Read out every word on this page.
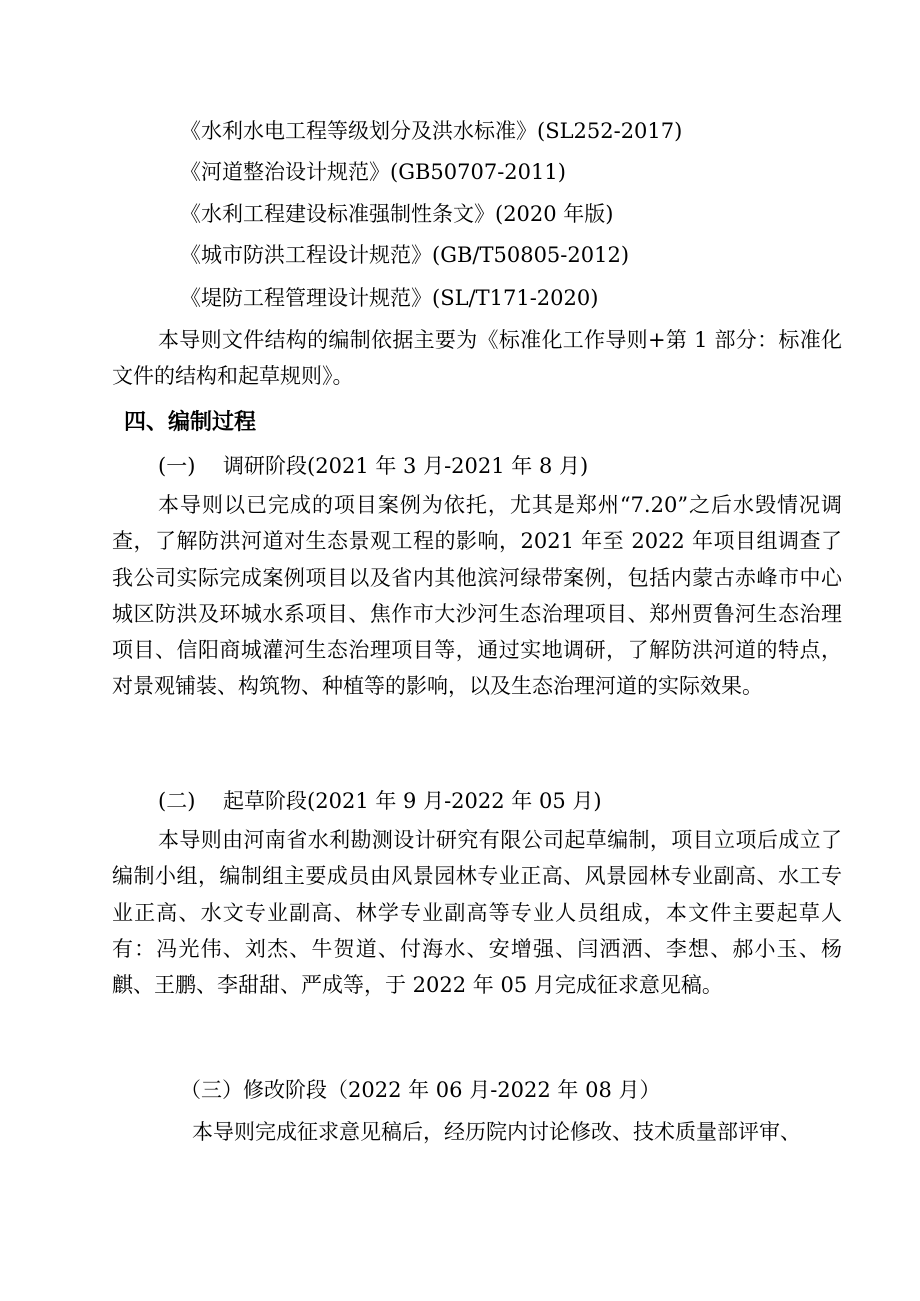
《水利水电工程等级划分及洪水标准》(SL252-2017)
《河道整治设计规范》(GB50707-2011)
《水利工程建设标准强制性条文》(2020 年版)
《城市防洪工程设计规范》(GB/T50805-2012)
《堤防工程管理设计规范》(SL/T171-2020)
本导则文件结构的编制依据主要为《标准化工作导则+第 1 部分：标准化文件的结构和起草规则》。
四、编制过程
(一)　 调研阶段(2021 年 3 月-2021 年 8 月)
本导则以已完成的项目案例为依托，尤其是郑州“7.20”之后水毁情况调查，了解防洪河道对生态景观工程的影响，2021 年至 2022 年项目组调查了我公司实际完成案例项目以及省内其他滨河绿带案例，包括内蒙古赤峰市中心城区防洪及环城水系项目、焦作市大沙河生态治理项目、郑州贾鲁河生态治理项目、信阳商城灌河生态治理项目等，通过实地调研，了解防洪河道的特点，对景观铺装、构筑物、种植等的影响，以及生态治理河道的实际效果。
(二)　 起草阶段(2021 年 9 月-2022 年 05 月)
本导则由河南省水利勘测设计研究有限公司起草编制，项目立项后成立了编制小组，编制组主要成员由风景园林专业正高、风景园林专业副高、水工专业正高、水文专业副高、林学专业副高等专业人员组成，本文件主要起草人有：冯光伟、刘杰、牛贺道、付海水、安增强、闫洒洒、李想、郝小玉、杨麒、王鹏、李甜甜、严成等，于 2022 年 05 月完成征求意见稿。
（三）修改阶段（2022 年 06 月-2022 年 08 月）
本导则完成征求意见稿后，经历院内讨论修改、技术质量部评审、
